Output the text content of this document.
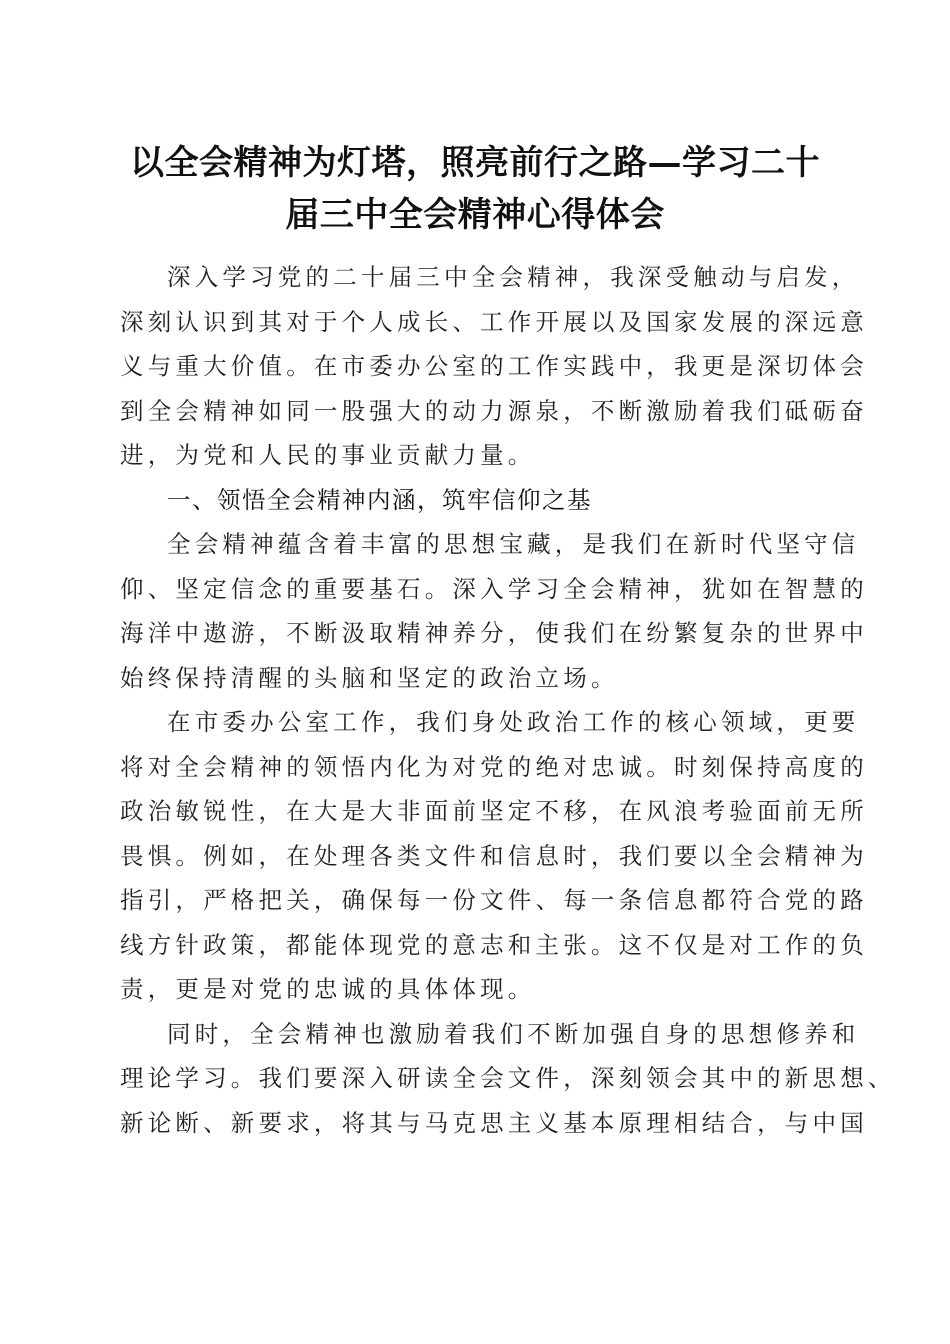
以全会精神为灯塔，照亮前行之路—学习二十
届三中全会精神心得体会

深入学习党的二十届三中全会精神，我深受触动与启发，
深刻认识到其对于个人成长、工作开展以及国家发展的深远意
义与重大价值。在市委办公室的工作实践中，我更是深切体会
到全会精神如同一股强大的动力源泉，不断激励着我们砥砺奋
进，为党和人民的事业贡献力量。

一、领悟全会精神内涵，筑牢信仰之基

全会精神蕴含着丰富的思想宝藏，是我们在新时代坚守信
仰、坚定信念的重要基石。深入学习全会精神，犹如在智慧的
海洋中遨游，不断汲取精神养分，使我们在纷繁复杂的世界中
始终保持清醒的头脑和坚定的政治立场。

在市委办公室工作，我们身处政治工作的核心领域，更要
将对全会精神的领悟内化为对党的绝对忠诚。时刻保持高度的
政治敏锐性，在大是大非面前坚定不移，在风浪考验面前无所
畏惧。例如，在处理各类文件和信息时，我们要以全会精神为
指引，严格把关，确保每一份文件、每一条信息都符合党的路
线方针政策，都能体现党的意志和主张。这不仅是对工作的负
责，更是对党的忠诚的具体体现。

同时，全会精神也激励着我们不断加强自身的思想修养和
理论学习。我们要深入研读全会文件，深刻领会其中的新思想、
新论断、新要求，将其与马克思主义基本原理相结合，与中国
